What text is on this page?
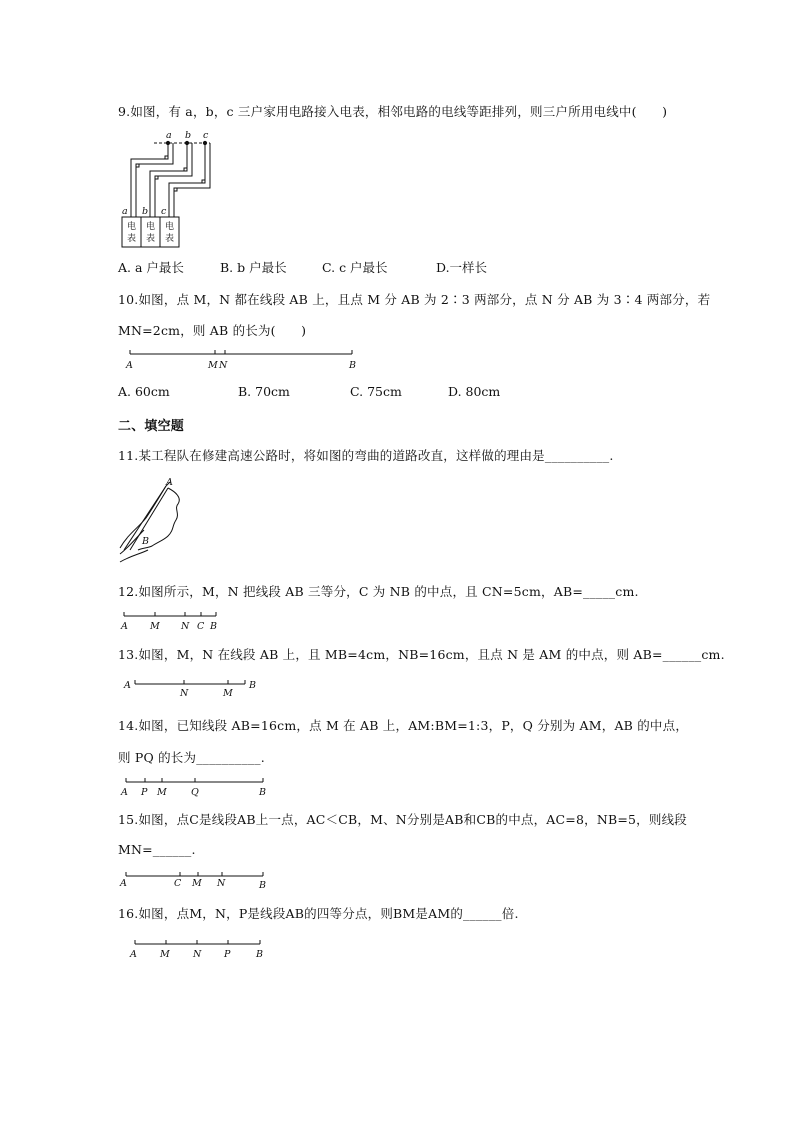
9.如图，有 a，b，c 三户家用电路接入电表，相邻电路的电线等距排列，则三户所用电线中(　　)
a b c
a b c
电
表
电
表
电
表
A. a 户最长	B. b 户最长	C. c 户最长	D.一样长
10.如图，点 M，N 都在线段 AB 上，且点 M 分 AB 为 2∶3 两部分，点 N 分 AB 为 3∶4 两部分，若
MN=2cm，则 AB 的长为(　　)
A	M N	B
A. 60cm	B. 70cm	C. 75cm	D. 80cm
二、填空题
11.某工程队在修建高速公路时，将如图的弯曲的道路改直，这样做的理由是__________.
A
B
12.如图所示，M，N 把线段 AB 三等分，C 为 NB 的中点，且 CN=5cm，AB=_____cm.
A M N C B
13.如图，M，N 在线段 AB 上，且 MB=4cm，NB=16cm，且点 N 是 AM 的中点，则 AB=______cm.
A
N	M
B
14.如图，已知线段 AB=16cm，点 M 在 AB 上，AM:BM=1:3，P，Q 分别为 AM，AB 的中点，
则 PQ 的长为__________.
A P M	Q	B
15.如图，点C是线段AB上一点，AC＜CB，M、N分别是AB和CB的中点，AC=8，NB=5，则线段
MN=______.
A	C M N	B
16.如图，点M，N，P是线段AB的四等分点，则BM是AM的______倍.
A M N P	B
